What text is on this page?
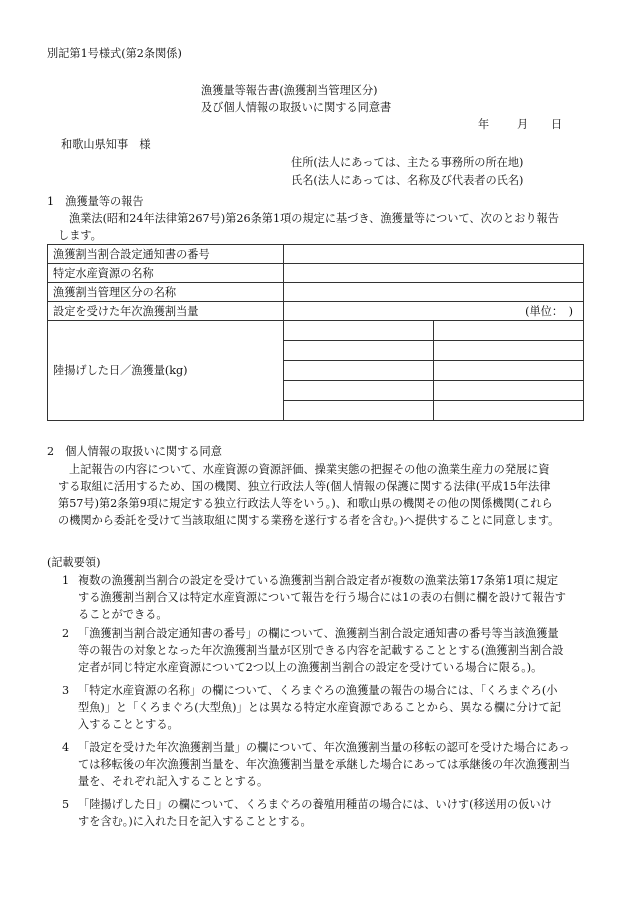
別記第1号様式(第2条関係)
漁獲量等報告書(漁獲割当管理区分)
及び個人情報の取扱いに関する同意書
年 月 日
和歌山県知事　様
住所(法人にあっては、主たる事務所の所在地)
氏名(法人にあっては、名称及び代表者の氏名)
1　漁獲量等の報告
漁業法(昭和24年法律第267号)第26条第1項の規定に基づき、漁獲量等について、次のとおり報告
します。
漁獲割当割合設定通知書の番号		
特定水産資源の名称		
漁獲割当管理区分の名称		
設定を受けた年次漁獲割当量	(単位：　)	
陸揚げした日／漁獲量(kg)		

2　個人情報の取扱いに関する同意
上記報告の内容について、水産資源の資源評価、操業実態の把握その他の漁業生産力の発展に資
する取組に活用するため、国の機関、独立行政法人等(個人情報の保護に関する法律(平成15年法律
第57号)第2条第9項に規定する独立行政法人等をいう。)、和歌山県の機関その他の関係機関(これら
の機関から委託を受けて当該取組に関する業務を遂行する者を含む。)へ提供することに同意します。
(記載要領)
1 複数の漁獲割当割合の設定を受けている漁獲割当割合設定者が複数の漁業法第17条第1項に規定
する漁獲割当割合又は特定水産資源について報告を行う場合には1の表の右側に欄を設けて報告す
ることができる。
2 「漁獲割当割合設定通知書の番号」の欄について、漁獲割当割合設定通知書の番号等当該漁獲量
等の報告の対象となった年次漁獲割当量が区別できる内容を記載することとする(漁獲割当割合設
定者が同じ特定水産資源について2つ以上の漁獲割当割合の設定を受けている場合に限る。)。
3 「特定水産資源の名称」の欄について、くろまぐろの漁獲量の報告の場合には、「くろまぐろ(小
型魚)」と「くろまぐろ(大型魚)」とは異なる特定水産資源であることから、異なる欄に分けて記
入することとする。
4 「設定を受けた年次漁獲割当量」の欄について、年次漁獲割当量の移転の認可を受けた場合にあっ
ては移転後の年次漁獲割当量を、年次漁獲割当量を承継した場合にあっては承継後の年次漁獲割当
量を、それぞれ記入することとする。
5 「陸揚げした日」の欄について、くろまぐろの養殖用種苗の場合には、いけす(移送用の仮いけ
すを含む。)に入れた日を記入することとする。
